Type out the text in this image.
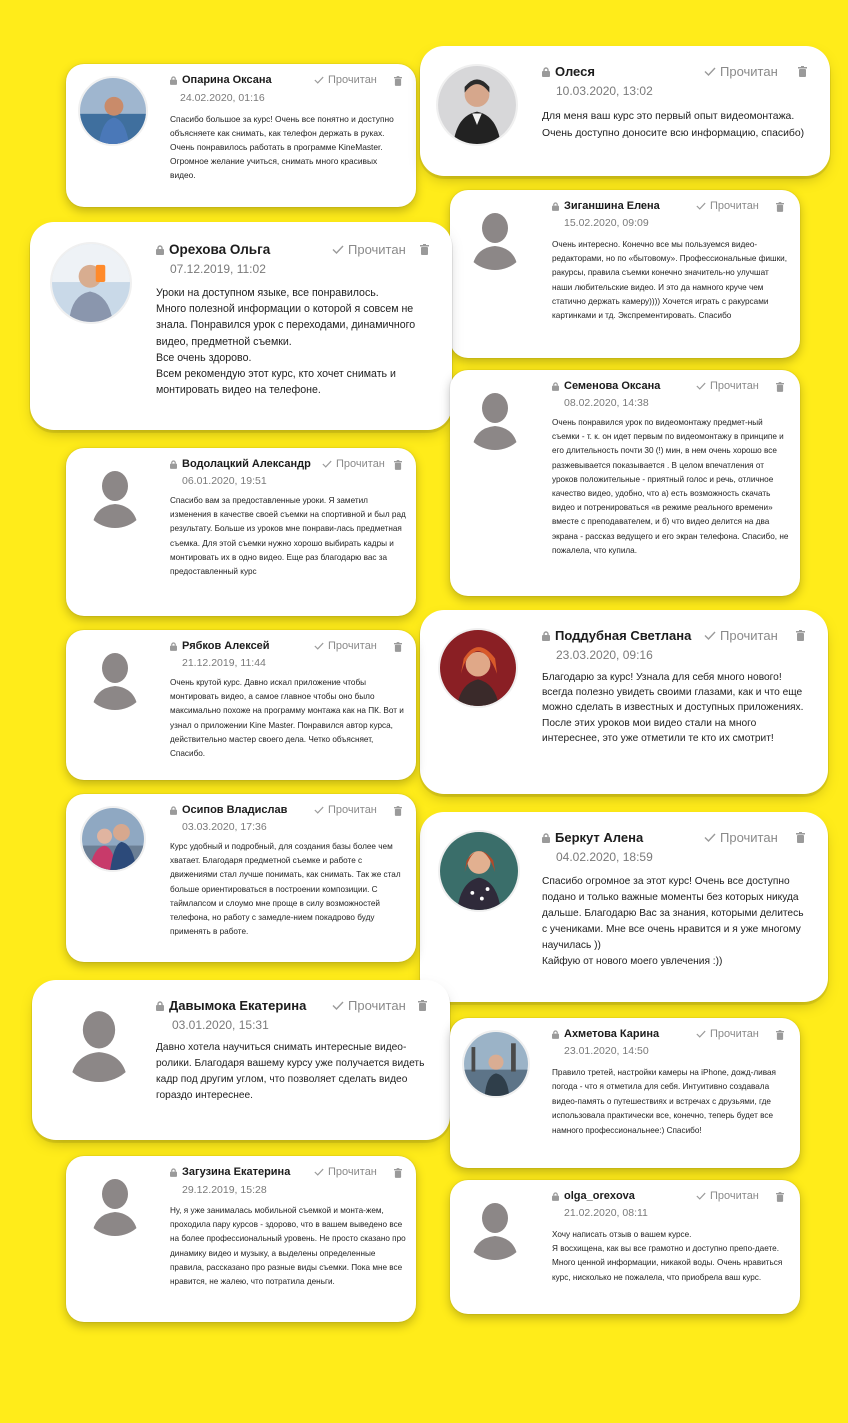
Опарина Оксана	Прочитан
24.02.2020, 01:16
Спасибо большое за курс! Очень все понятно и доступно объясняете как снимать, как телефон держать в руках. Очень понравилось работать в программе KineMaster. Огромное желание учиться, снимать много красивых видео.
Олеся	Прочитан
10.03.2020, 13:02
Для меня ваш курс это первый опыт видеомонтажа. Очень доступно доносите всю информацию, спасибо)
Зиганшина Елена	Прочитан
15.02.2020, 09:09
Очень интересно. Конечно все мы пользуемся видео-редакторами, но по «бытовому». Профессиональные фишки, ракурсы, правила съемки конечно значитель-но улучшат наши любительские видео. И это да намного круче чем статично держать камеру)))) Хочется играть с ракурсами картинками и тд. Экспрементировать. Спасибо
Орехова Ольга	Прочитан
07.12.2019, 11:02
Уроки на доступном языке, все понравилось.
Много полезной информации о которой я совсем не знала. Понравился урок с переходами, динамичного видео, предметной съемки.
Все очень здорово.
Всем рекомендую этот курс, кто хочет снимать и монтировать видео на телефоне.	Семенова Оксана	Прочитан
08.02.2020, 14:38
Очень понравился урок по видеомонтажу предмет-ный съемки - т. к. он идет первым по видеомонтажу в принципе и его длительность почти 30 (!) мин, в нем очень хорошо все разжевывается показывается . В целом впечатления от уроков положительные - приятный голос и речь, отличное качество видео, удобно, что а) есть возможность скачать видео и потренироваться «в режиме реального времени» вместе с преподавателем, и б) что видео делится на два экрана - рассказ ведущего и его экран телефона. Спасибо, не пожалела, что купила.
Водолацкий Александр Прочитан
06.01.2020, 19:51
Спасибо вам за предоставленные уроки. Я заметил изменения в качестве своей съемки на спортивной и был рад результату. Больше из уроков мне понрави-лась предметная съемка. Для этой съемки нужно хорошо выбирать кадры и монтировать их в одно видео. Еще раз благодарю вас за предоставленный курс
Поддубная Светлана Прочитан
23.03.2020, 09:16
Благодарю за курс! Узнала для себя много нового! всегда полезно увидеть своими глазами, как и что еще можно сделать в известных и доступных приложениях.
После этих уроков мои видео стали на много интереснее, это уже отметили те кто их смотрит!
Рябков Алексей	Прочитан
21.12.2019, 11:44
Очень крутой курс. Давно искал приложение чтобы монтировать видео, а самое главное чтобы оно было максимально похоже на программу монтажа как на ПК. Вот и узнал о приложении Kine Master. Понравился автор курса, действительно мастер своего дела. Четко объясняет, Спасибо.
Беркут Алена	Прочитан
04.02.2020, 18:59
Спасибо огромное за этот курс! Очень все доступно подано и только важные моменты без которых никуда дальше. Благодарю Вас за знания, которыми делитесь с учениками. Мне все очень нравится и я уже многому научилась ))
Кайфую от нового моего увлечения :))
Осипов Владислав	Прочитан
03.03.2020, 17:36
Курс удобный и подробный, для создания базы более чем хватает. Благодаря предметной съемке и работе с движениями стал лучше понимать, как снимать. Так же стал больше ориентироваться в построении композиции. С таймлапсом и слоумо мне проще в силу возможностей телефона, но работу с замедле-нием покадрово буду применять в работе.
Давымока Екатерина	Прочитан
03.01.2020, 15:31
Давно хотела научиться снимать интересные видео-ролики. Благодаря вашему курсу уже получается видеть кадр под другим углом, что позволяет сделать видео гораздо интереснее.
Ахметова Карина	Прочитан
23.01.2020, 14:50
Правило третей, настройки камеры на iPhone, дожд-ливая погода - что я отметила для себя. Интуитивно создавала видео-память о путешествиях и встречах с друзьями, где использовала практически все, конечно, теперь будет все намного профессиональнее:) Спасибо!
Загузина Екатерина	Прочитан
29.12.2019, 15:28
Ну, я уже занималась мобильной съемкой и монта-жем, проходила пару курсов - здорово, что в вашем выведено все на более профессиональный уровень. Не просто сказано про динамику видео и музыку, а выделены определенные правила, рассказано про разные виды съемки. Пока мне все нравится, не жалею, что потратила деньги.
olga_orexova	Прочитан
21.02.2020, 08:11
Хочу написать отзыв о вашем курсе.
Я восхищена, как вы все грамотно и доступно препо-даете. Много ценной информации, никакой воды. Очень нравиться курс, нисколько не пожалела, что приобрела ваш курс.
